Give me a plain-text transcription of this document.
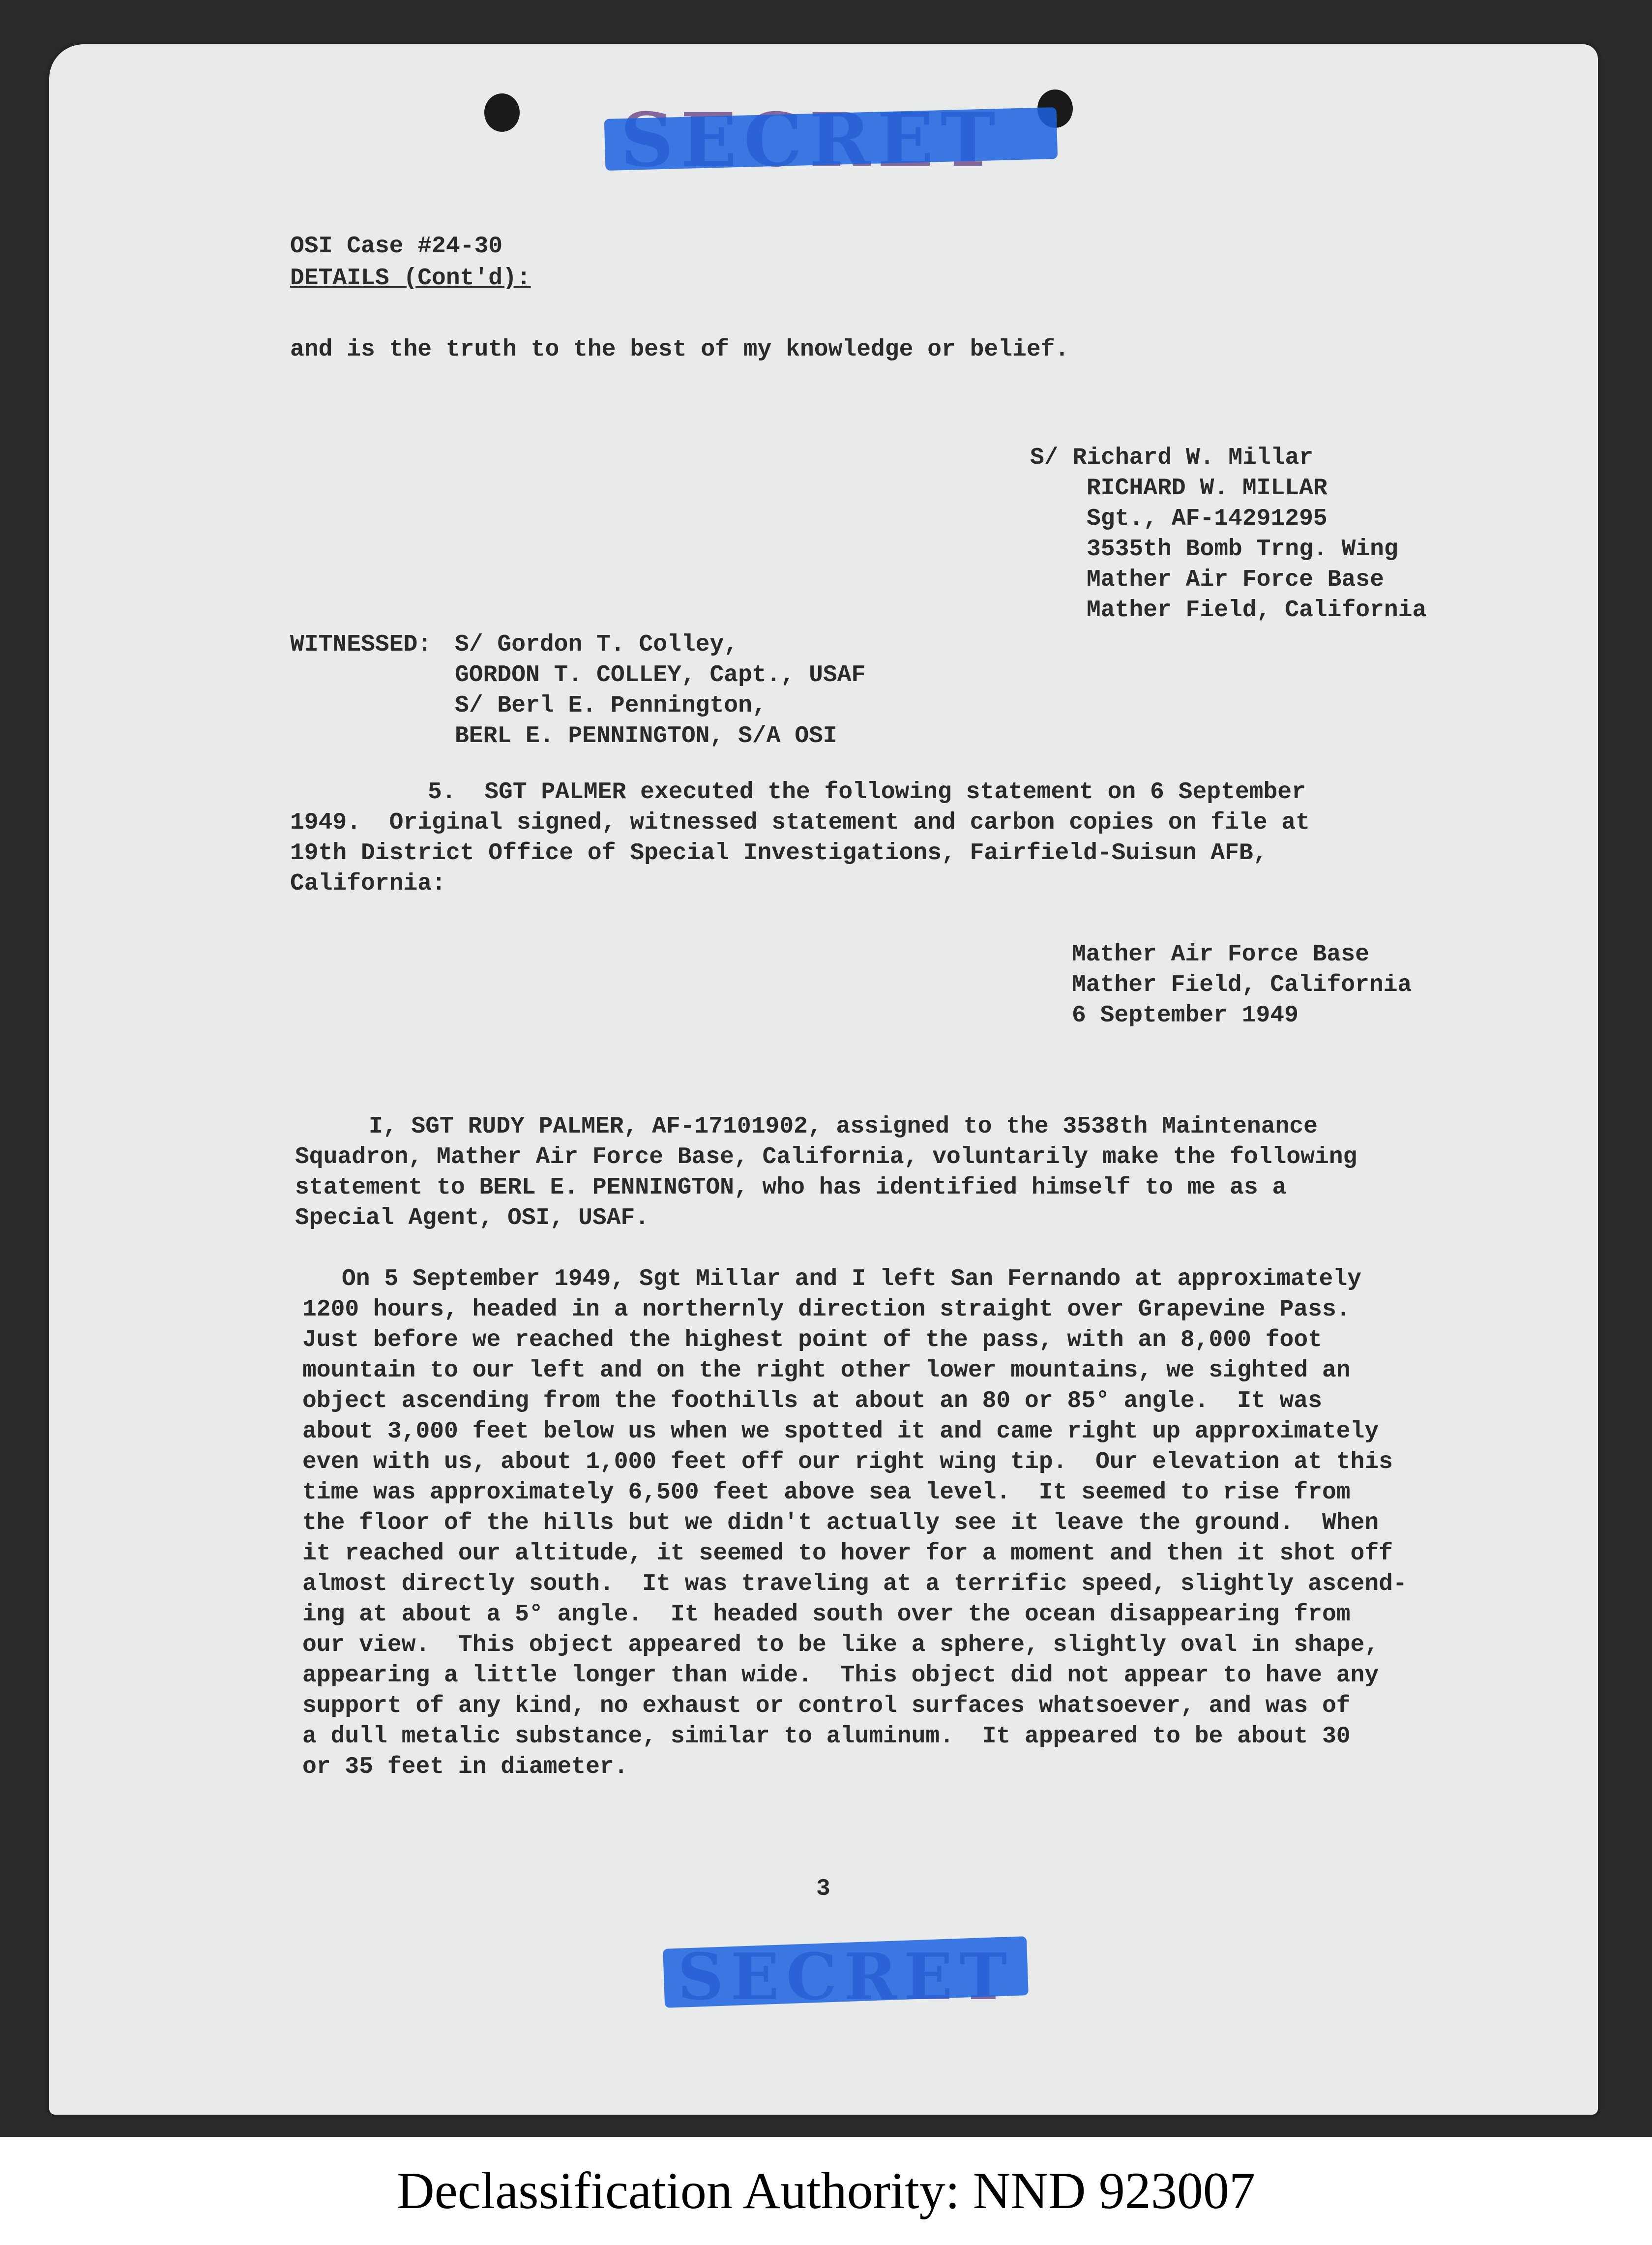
OSI Case #24-30
DETAILS (Cont'd):
and is the truth to the best of my knowledge or belief.

S/ Richard W. Millar

RICHARD W. MILLAR

Sgt., AF-14291295

3535th Bomb Trng. Wing

Mather Air Force Base

Mather Field, California

WITNESSED: S/ Gordon T. Colley,

GORDON T. COLLEY, Capt., USAF

S/ Berl E. Pennington,

BERL E. PENNINGTON, S/A OSI

5.  SGT PALMER executed the following statement on 6 September

1949.  Original signed, witnessed statement and carbon copies on file at

19th District Office of Special Investigations, Fairfield-Suisun AFB,

California:

Mather Air Force Base

Mather Field, California

6 September 1949

I, SGT RUDY PALMER, AF-17101902, assigned to the 3538th Maintenance

Squadron, Mather Air Force Base, California, voluntarily make the following

statement to BERL E. PENNINGTON, who has identified himself to me as a

Special Agent, OSI, USAF.

On 5 September 1949, Sgt Millar and I left San Fernando at approximately

1200 hours, headed in a northernly direction straight over Grapevine Pass.

Just before we reached the highest point of the pass, with an 8,000 foot

mountain to our left and on the right other lower mountains, we sighted an

object ascending from the foothills at about an 80 or 85° angle.  It was

about 3,000 feet below us when we spotted it and came right up approximately

even with us, about 1,000 feet off our right wing tip.  Our elevation at this

time was approximately 6,500 feet above sea level.  It seemed to rise from

the floor of the hills but we didn't actually see it leave the ground.  When

it reached our altitude, it seemed to hover for a moment and then it shot off

almost directly south.  It was traveling at a terrific speed, slightly ascend-

ing at about a 5° angle.  It headed south over the ocean disappearing from

our view.  This object appeared to be like a sphere, slightly oval in shape,

appearing a little longer than wide.  This object did not appear to have any

support of any kind, no exhaust or control surfaces whatsoever, and was of

a dull metalic substance, similar to aluminum.  It appeared to be about 30

or 35 feet in diameter.

3
Declassification Authority: NND 923007
